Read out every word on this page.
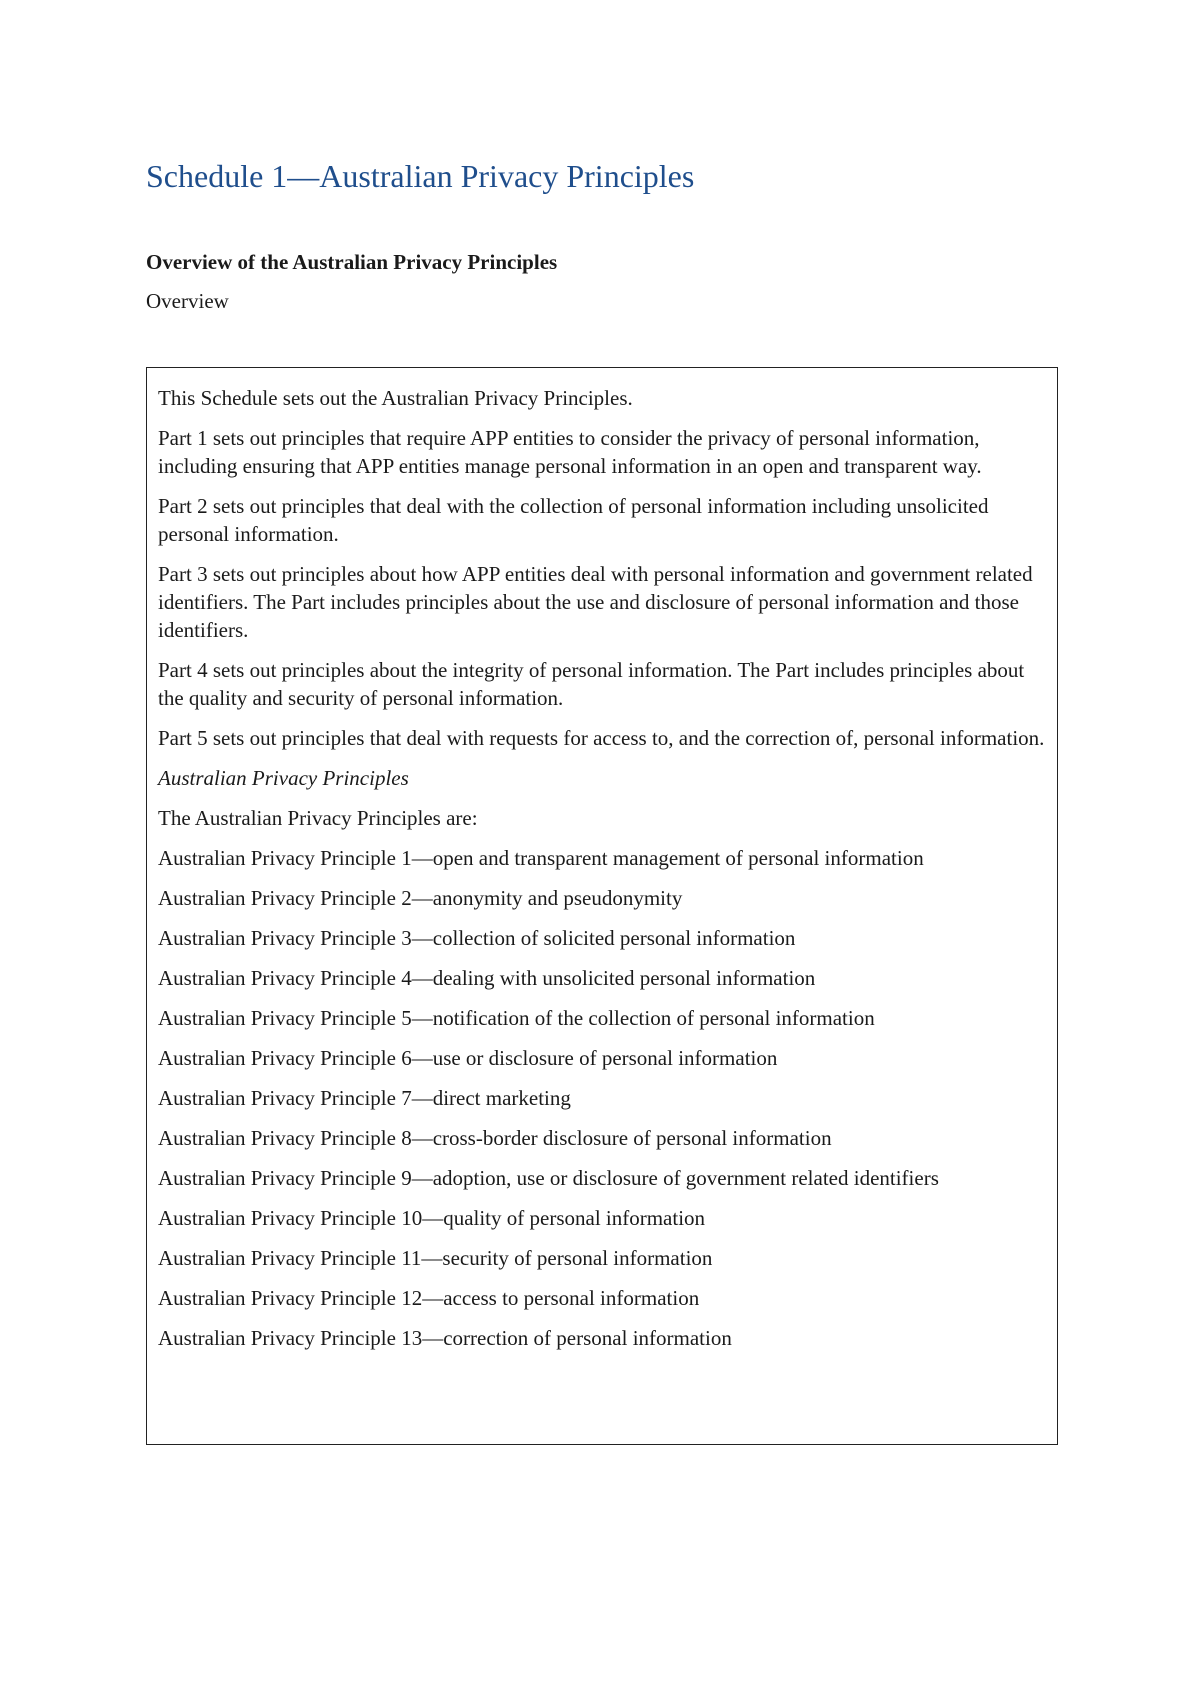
Schedule 1—Australian Privacy Principles
Overview of the Australian Privacy Principles

Overview

This Schedule sets out the Australian Privacy Principles.

Part 1 sets out principles that require APP entities to consider the privacy of personal information, including ensuring that APP entities manage personal information in an open and transparent way.

Part 2 sets out principles that deal with the collection of personal information including unsolicited personal information.

Part 3 sets out principles about how APP entities deal with personal information and government related identifiers. The Part includes principles about the use and disclosure of personal information and those identifiers.

Part 4 sets out principles about the integrity of personal information. The Part includes principles about the quality and security of personal information.

Part 5 sets out principles that deal with requests for access to, and the correction of, personal information.

Australian Privacy Principles

The Australian Privacy Principles are:

Australian Privacy Principle 1—open and transparent management of personal information
Australian Privacy Principle 2—anonymity and pseudonymity
Australian Privacy Principle 3—collection of solicited personal information
Australian Privacy Principle 4—dealing with unsolicited personal information
Australian Privacy Principle 5—notification of the collection of personal information
Australian Privacy Principle 6—use or disclosure of personal information
Australian Privacy Principle 7—direct marketing
Australian Privacy Principle 8—cross-border disclosure of personal information
Australian Privacy Principle 9—adoption, use or disclosure of government related identifiers
Australian Privacy Principle 10—quality of personal information
Australian Privacy Principle 11—security of personal information
Australian Privacy Principle 12—access to personal information
Australian Privacy Principle 13—correction of personal information
